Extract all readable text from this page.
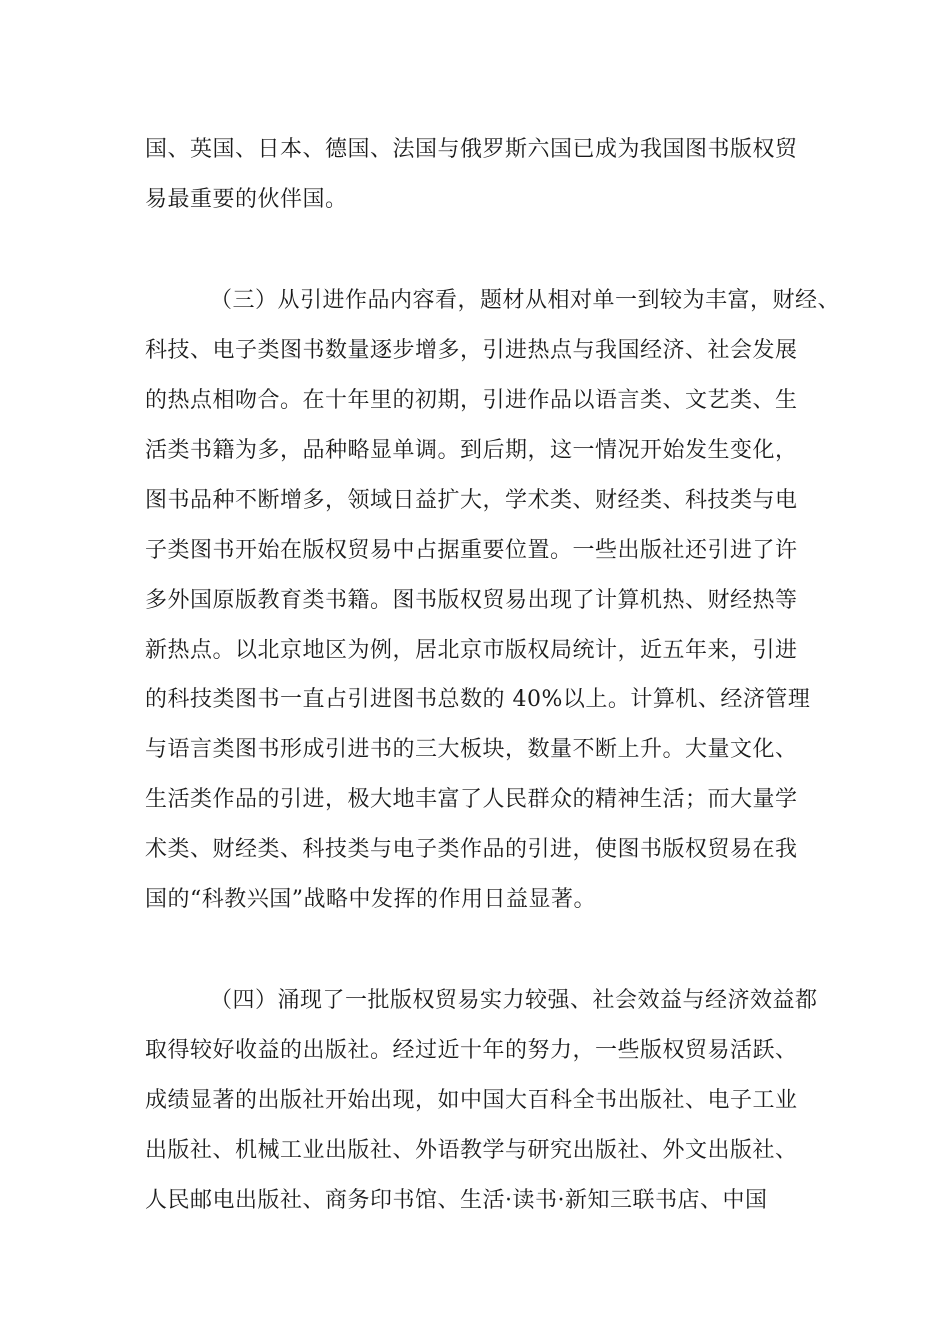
国、英国、日本、德国、法国与俄罗斯六国已成为我国图书版权贸

易最重要的伙伴国。

（三）从引进作品内容看，题材从相对单一到较为丰富，财经、

科技、电子类图书数量逐步增多，引进热点与我国经济、社会发展

的热点相吻合。在十年里的初期，引进作品以语言类、文艺类、生

活类书籍为多，品种略显单调。到后期，这一情况开始发生变化，

图书品种不断增多，领域日益扩大，学术类、财经类、科技类与电

子类图书开始在版权贸易中占据重要位置。一些出版社还引进了许

多外国原版教育类书籍。图书版权贸易出现了计算机热、财经热等

新热点。以北京地区为例，居北京市版权局统计，近五年来，引进

的科技类图书一直占引进图书总数的 40%以上。计算机、经济管理

与语言类图书形成引进书的三大板块，数量不断上升。大量文化、

生活类作品的引进，极大地丰富了人民群众的精神生活；而大量学

术类、财经类、科技类与电子类作品的引进，使图书版权贸易在我

国的“科教兴国”战略中发挥的作用日益显著。

（四）涌现了一批版权贸易实力较强、社会效益与经济效益都

取得较好收益的出版社。经过近十年的努力，一些版权贸易活跃、

成绩显著的出版社开始出现，如中国大百科全书出版社、电子工业

出版社、机械工业出版社、外语教学与研究出版社、外文出版社、

人民邮电出版社、商务印书馆、生活·读书·新知三联书店、中国
